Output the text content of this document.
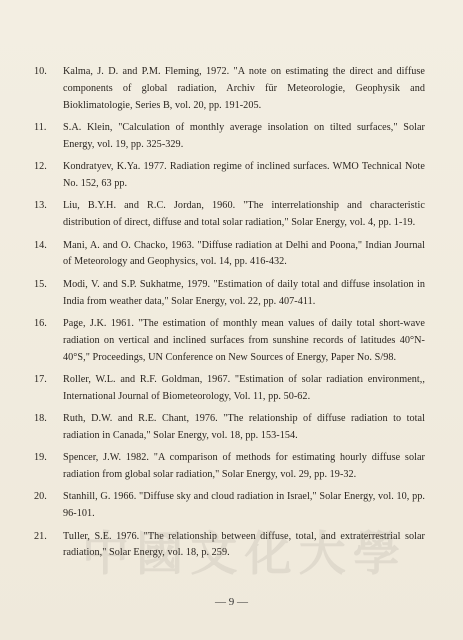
10. Kalma, J. D. and P.M. Fleming, 1972. "A note on estimating the direct and diffuse components of global radiation, Archiv für Meteorologie, Geophysik and Bioklimatologie, Series B, vol. 20, pp. 191-205.
11. S.A. Klein, "Calculation of monthly average insolation on tilted surfaces," Solar Energy, vol. 19, pp. 325-329.
12. Kondratyev, K.Ya. 1977. Radiation regime of inclined surfaces. WMO Technical Note No. 152, 63 pp.
13. Liu, B.Y.H. and R.C. Jordan, 1960. "The interrelationship and characteristic distribution of direct, diffuse and total solar radiation," Solar Energy, vol. 4, pp. 1-19.
14. Mani, A. and O. Chacko, 1963. "Diffuse radiation at Delhi and Poona," Indian Journal of Meteorology and Geophysics, vol. 14, pp. 416-432.
15. Modi, V. and S.P. Sukhatme, 1979. "Estimation of daily total and diffuse insolation in India from weather data," Solar Energy, vol. 22, pp. 407-411.
16. Page, J.K. 1961. "The estimation of monthly mean values of daily total short-wave radiation on vertical and inclined surfaces from sunshine records of latitudes 40°N-40°S," Proceedings, UN Conference on New Sources of Energy, Paper No. S/98.
17. Roller, W.L. and R.F. Goldman, 1967. "Estimation of solar radiation environment,, International Journal of Biometeorology, Vol. 11, pp. 50-62.
18. Ruth, D.W. and R.E. Chant, 1976. "The relationship of diffuse radiation to total radiation in Canada," Solar Energy, vol. 18, pp. 153-154.
19. Spencer, J.W. 1982. "A comparison of methods for estimating hourly diffuse solar radiation from global solar radiation," Solar Energy, vol. 29, pp. 19-32.
20. Stanhill, G. 1966. "Diffuse sky and cloud radiation in Israel," Solar Energy, vol. 10, pp. 96-101.
21. Tuller, S.E. 1976. "The relationship between diffuse, total, and extraterrestrial solar radiation," Solar Energy, vol. 18, p. 259.
中 國 文 化 大 學
— 9 —
